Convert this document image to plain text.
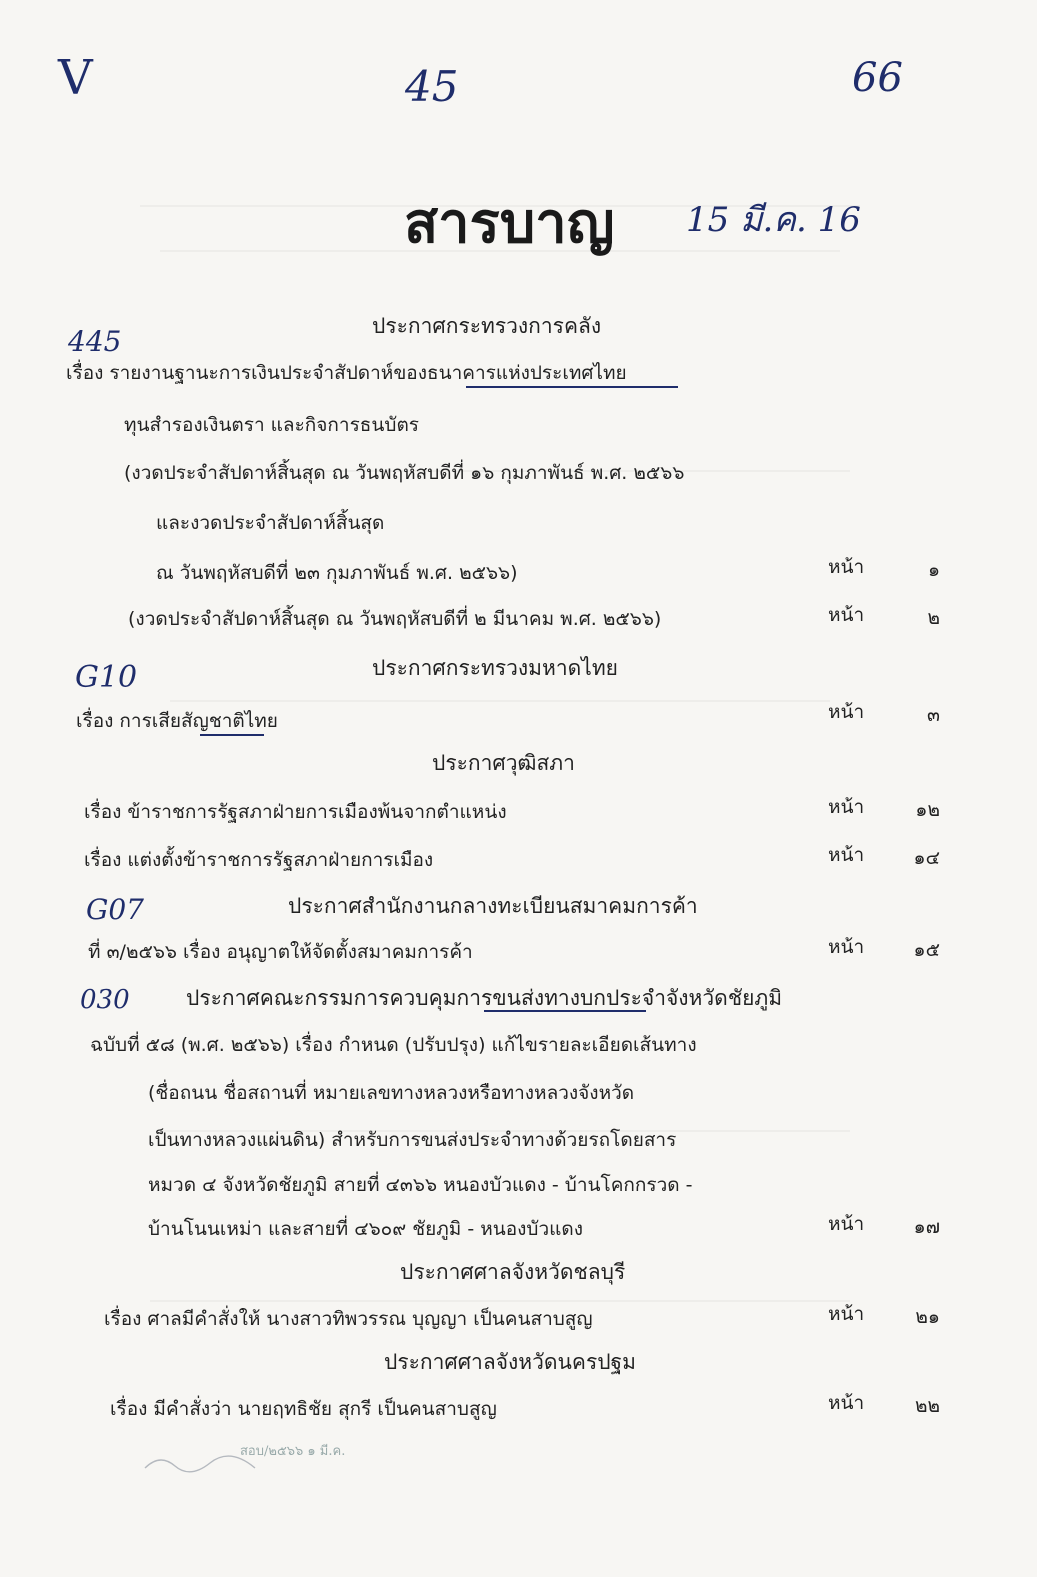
V	45	66
15 มี.ค. 16
445
G10
G07
030
สารบาญ
ประกาศกระทรวงการคลัง
เรื่อง รายงานฐานะการเงินประจำสัปดาห์ของธนาคารแห่งประเทศไทย
ทุนสำรองเงินตรา และกิจการธนบัตร
(งวดประจำสัปดาห์สิ้นสุด ณ วันพฤหัสบดีที่ ๑๖ กุมภาพันธ์ พ.ศ. ๒๕๖๖
และงวดประจำสัปดาห์สิ้นสุด
ณ วันพฤหัสบดีที่ ๒๓ กุมภาพันธ์ พ.ศ. ๒๕๖๖)	หน้า	๑
(งวดประจำสัปดาห์สิ้นสุด ณ วันพฤหัสบดีที่ ๒ มีนาคม พ.ศ. ๒๕๖๖)	หน้า	๒
ประกาศกระทรวงมหาดไทย
เรื่อง การเสียสัญชาติไทย	หน้า	๓
ประกาศวุฒิสภา
เรื่อง ข้าราชการรัฐสภาฝ่ายการเมืองพ้นจากตำแหน่ง	หน้า	๑๒
เรื่อง แต่งตั้งข้าราชการรัฐสภาฝ่ายการเมือง	หน้า	๑๔
ประกาศสำนักงานกลางทะเบียนสมาคมการค้า
ที่ ๓/๒๕๖๖ เรื่อง อนุญาตให้จัดตั้งสมาคมการค้า	หน้า	๑๕
ประกาศคณะกรรมการควบคุมการขนส่งทางบกประจำจังหวัดชัยภูมิ
ฉบับที่ ๕๘ (พ.ศ. ๒๕๖๖) เรื่อง กำหนด (ปรับปรุง) แก้ไขรายละเอียดเส้นทาง
(ชื่อถนน ชื่อสถานที่ หมายเลขทางหลวงหรือทางหลวงจังหวัด
เป็นทางหลวงแผ่นดิน) สำหรับการขนส่งประจำทางด้วยรถโดยสาร
หมวด ๔ จังหวัดชัยภูมิ สายที่ ๔๓๖๖ หนองบัวแดง - บ้านโคกกรวด -
บ้านโนนเหม่า และสายที่ ๔๖๐๙ ชัยภูมิ - หนองบัวแดง	หน้า	๑๗
ประกาศศาลจังหวัดชลบุรี
เรื่อง ศาลมีคำสั่งให้ นางสาวทิพวรรณ บุญญา เป็นคนสาบสูญ	หน้า	๒๑
ประกาศศาลจังหวัดนครปฐม
เรื่อง มีคำสั่งว่า นายฤทธิชัย สุกรี เป็นคนสาบสูญ	หน้า	๒๒
สอบ/๒๕๖๖ ๑ มี.ค.
